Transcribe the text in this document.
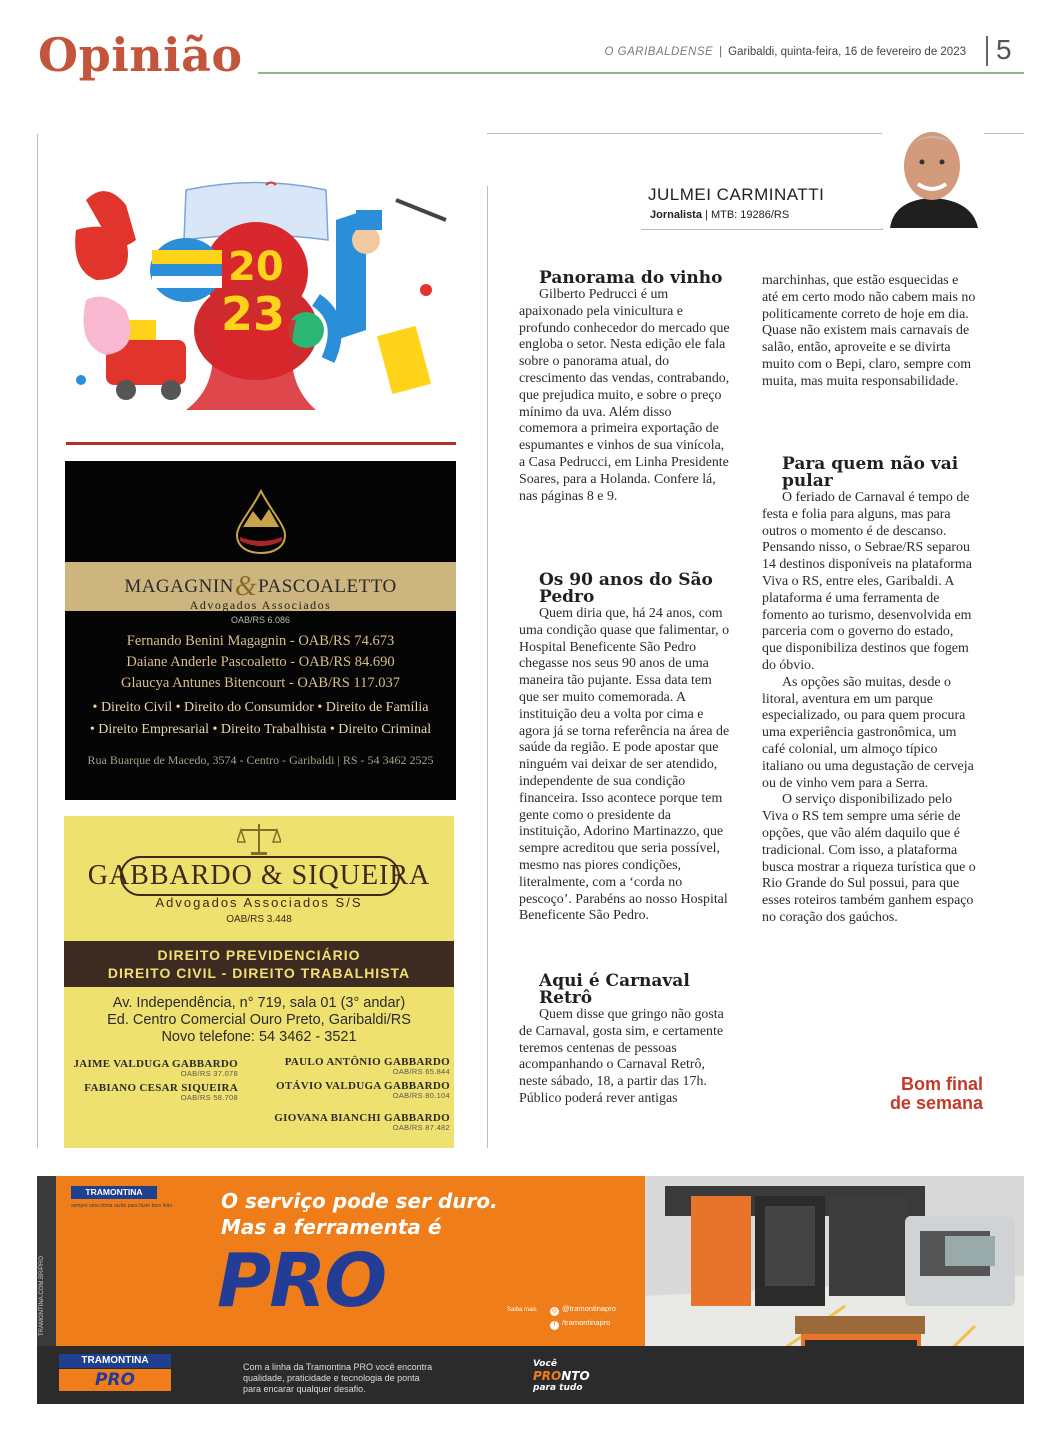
Opinião	O GARIBALDENSE | Garibaldi, quinta-feira, 16 de fevereiro de 2023 5
20
23
MAGAGNIN&PASCOALETTO
Advogados Associados
OAB/RS 6.086
Fernando Benini Magagnin - OAB/RS 74.673
Daiane Anderle Pascoaletto - OAB/RS 84.690
Glaucya Antunes Bitencourt - OAB/RS 117.037
• Direito Civil • Direito do Consumidor • Direito de Família
• Direito Empresarial • Direito Trabalhista • Direito Criminal
Rua Buarque de Macedo, 3574 - Centro - Garibaldi | RS - 54 3462 2525
GABBARDO & SIQUEIRA
Advogados Associados S/S
OAB/RS 3.448
DIREITO PREVIDENCIÁRIO
DIREITO CIVIL - DIREITO TRABALHISTA
Av. Independência, n° 719, sala 01 (3° andar)
Ed. Centro Comercial Ouro Preto, Garibaldi/RS
Novo telefone: 54 3462 - 3521
JAIME VALDUGA GABBARDO
OAB/RS 37.078
PAULO ANTÔNIO GABBARDO
OAB/RS 65.844
FABIANO CESAR SIQUEIRA
OAB/RS 58.708
OTÁVIO VALDUGA GABBARDO
OAB/RS 80.104
GIOVANA BIANCHI GABBARDO
OAB/RS 87.482
JULMEI CARMINATTI
Jornalista | MTB: 19286/RS
Panorama do vinho

Gilberto Pedrucci é um apaixonado pela vinicultura e profundo conhecedor do mercado que engloba o setor. Nesta edição ele fala sobre o panorama atual, do crescimento das vendas, contrabando, que prejudica muito, e sobre o preço mínimo da uva. Além disso comemora a primeira exportação de espumantes e vinhos de sua vinícola, a Casa Pedrucci, em Linha Presidente Soares, para a Holanda. Confere lá, nas páginas 8 e 9.

Os 90 anos do São Pedro

Quem diria que, há 24 anos, com uma condição quase que falimentar, o Hospital Beneficente São Pedro chegasse nos seus 90 anos de uma maneira tão pujante. Essa data tem que ser muito comemorada. A instituição deu a volta por cima e agora já se torna referência na área de saúde da região. E pode apostar que ninguém vai deixar de ser atendido, independente de sua condição financeira. Isso acontece porque tem gente como o presidente da instituição, Adorino Martinazzo, que sempre acreditou que seria possível, mesmo nas piores condições, literalmente, com a ‘corda no pescoço’. Parabéns ao nosso Hospital Beneficente São Pedro.

Aqui é Carnaval Retrô

Quem disse que gringo não gosta de Carnaval, gosta sim, e certamente teremos centenas de pessoas acompanhando o Carnaval Retrô, neste sábado, 18, a partir das 17h. Público poderá rever antigas

marchinhas, que estão esquecidas e até em certo modo não cabem mais no politicamente correto de hoje em dia. Quase não existem mais carnavais de salão, então, aproveite e se divirta muito com o Bepi, claro, sempre com muita, mas muita responsabilidade.

Para quem não vai pular

O feriado de Carnaval é tempo de festa e folia para alguns, mas para outros o momento é de descanso. Pensando nisso, o Sebrae/RS separou 14 destinos disponíveis na plataforma Viva o RS, entre eles, Garibaldi. A plataforma é uma ferramenta de fomento ao turismo, desenvolvida em parceria com o governo do estado, que disponibiliza destinos que fogem do óbvio.

As opções são muitas, desde o litoral, aventura em um parque especializado, ou para quem procura uma experiência gastronômica, um café colonial, um almoço típico italiano ou uma degustação de cerveja ou de vinho vem para a Serra.

O serviço disponibilizado pelo Viva o RS tem sempre uma série de opções, que vão além daquilo que é tradicional. Com isso, a plataforma busca mostrar a riqueza turística que o Rio Grande do Sul possui, para que esses roteiros também ganhem espaço no coração dos gaúchos.

Bom final
de semana
TRAMONTINA.COM.BR/PRO
TRAMONTINA
sempre uma ótima razão para fazer bem feito O serviço pode ser duro.
Mas a ferramenta é
PRO	Saiba mais	◎ @tramontinapro
f /tramontinapro
TRAMONTINA
PRO
Com a linha da Tramontina PRO você encontra
qualidade, praticidade e tecnologia de ponta
para encarar qualquer desafio.
Você
PRONTO
para tudo
